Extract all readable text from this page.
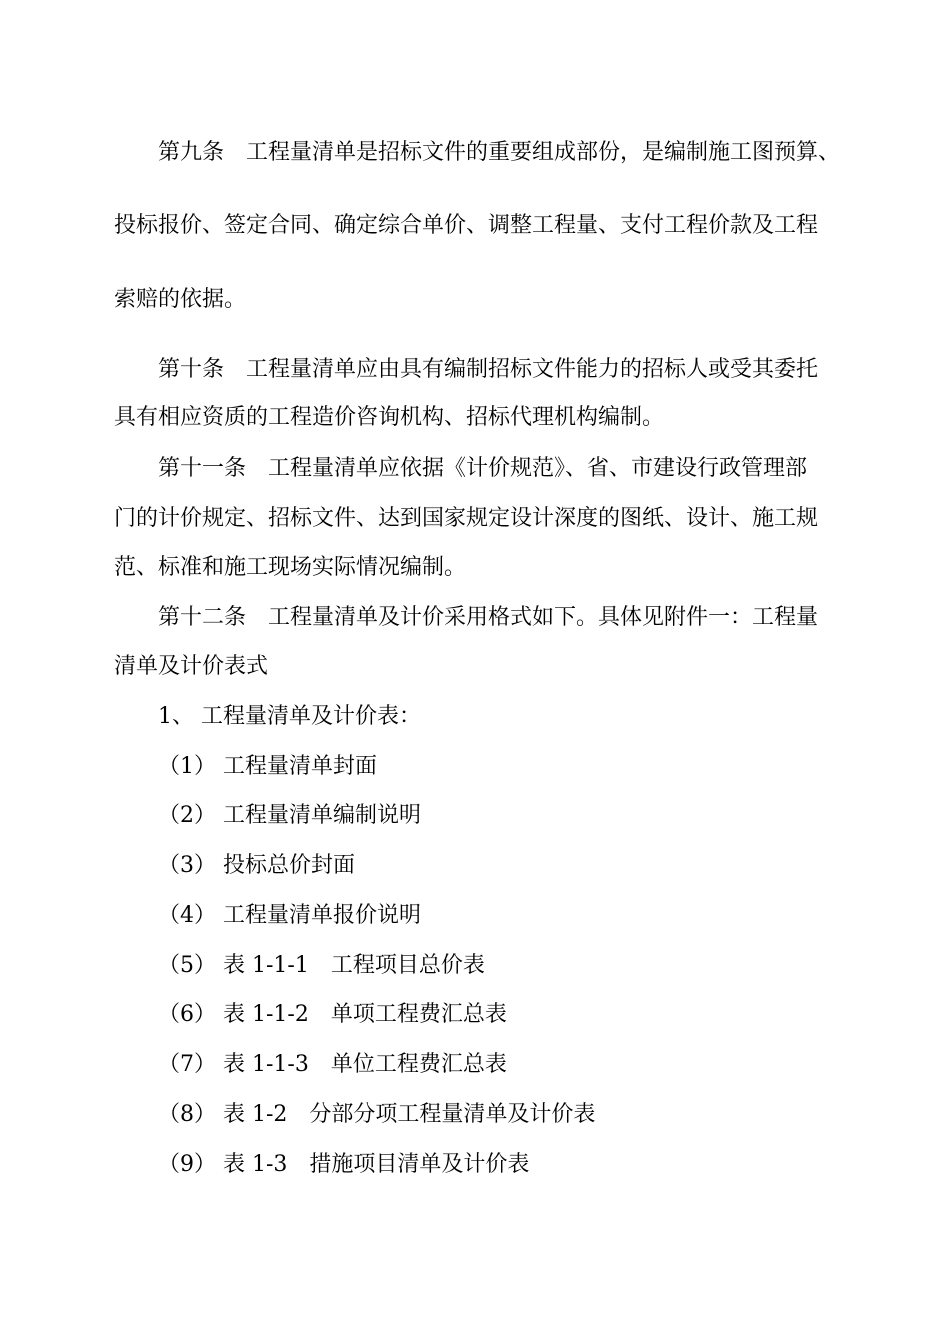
第九条　工程量清单是招标文件的重要组成部份，是编制施工图预算、
投标报价、签定合同、确定综合单价、调整工程量、支付工程价款及工程
索赔的依据。
第十条　工程量清单应由具有编制招标文件能力的招标人或受其委托
具有相应资质的工程造价咨询机构、招标代理机构编制。
第十一条　工程量清单应依据《计价规范》、省、市建设行政管理部
门的计价规定、招标文件、达到国家规定设计深度的图纸、设计、施工规
范、标准和施工现场实际情况编制。
第十二条　工程量清单及计价采用格式如下。具体见附件一：工程量
清单及计价表式
1、 工程量清单及计价表：
（1） 工程量清单封面
（2） 工程量清单编制说明
（3） 投标总价封面
（4） 工程量清单报价说明
（5） 表 1-1-1　工程项目总价表
（6） 表 1-1-2　单项工程费汇总表
（7） 表 1-1-3　单位工程费汇总表
（8） 表 1-2　分部分项工程量清单及计价表
（9） 表 1-3　措施项目清单及计价表
